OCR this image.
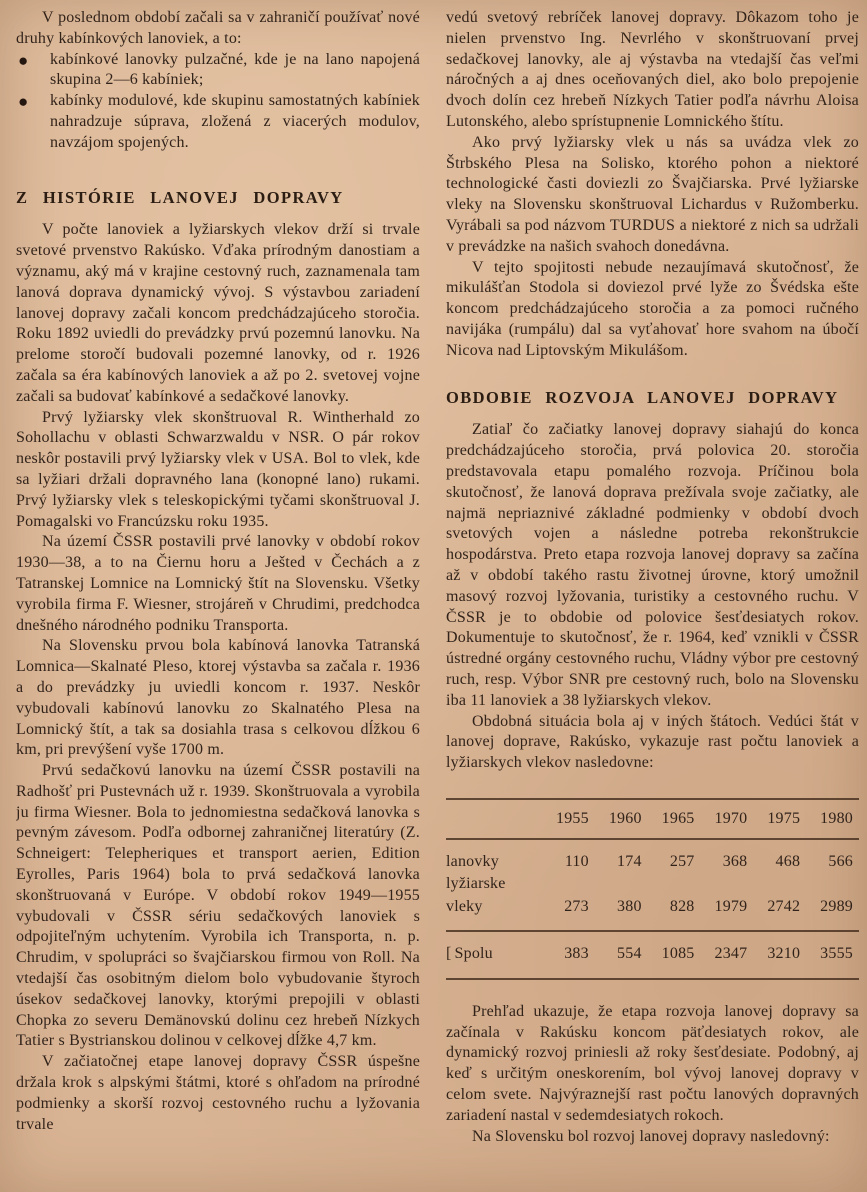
V poslednom období začali sa v zahraničí používať nové druhy kabínkových lanoviek, a to:

● kabínkové lanovky pulzačné, kde je na lano napojená skupina 2—6 kabíniek;
● kabínky modulové, kde skupinu samostatných kabíniek nahradzuje súprava, zložená z viacerých modulov, navzájom spojených.
Z HISTÓRIE LANOVEJ DOPRAVY

V počte lanoviek a lyžiarskych vlekov drží si trvale svetové prvenstvo Rakúsko. Vďaka prírodným danostiam a významu, aký má v krajine cestovný ruch, zaznamenala tam lanová doprava dynamický vývoj. S výstavbou zariadení lanovej dopravy začali koncom predchádzajúceho storočia. Roku 1892 uviedli do prevádzky prvú pozemnú lanovku. Na prelome storočí budovali pozemné lanovky, od r. 1926 začala sa éra kabínových lanoviek a až po 2. svetovej vojne začali sa budovať kabínkové a sedačkové lanovky.

Prvý lyžiarsky vlek skonštruoval R. Wintherhald zo Sohollachu v oblasti Schwarzwaldu v NSR. O pár rokov neskôr postavili prvý lyžiarsky vlek v USA. Bol to vlek, kde sa lyžiari držali dopravného lana (konopné lano) rukami. Prvý lyžiarsky vlek s teleskopickými tyčami skonštruoval J. Pomagalski vo Francúzsku roku 1935.

Na území ČSSR postavili prvé lanovky v období rokov 1930—38, a to na Čiernu horu a Ješted v Čechách a z Tatranskej Lomnice na Lomnický štít na Slovensku. Všetky vyrobila firma F. Wiesner, strojáreň v Chrudimi, predchodca dnešného národného podniku Transporta.

Na Slovensku prvou bola kabínová lanovka Tatranská Lomnica—Skalnaté Pleso, ktorej výstavba sa začala r. 1936 a do prevádzky ju uviedli koncom r. 1937. Neskôr vybudovali kabínovú lanovku zo Skalnatého Plesa na Lomnický štít, a tak sa dosiahla trasa s celkovou dĺžkou 6 km, pri prevýšení vyše 1700 m.

Prvú sedačkovú lanovku na území ČSSR postavili na Radhošť pri Pustevnách už r. 1939. Skonštruovala a vyrobila ju firma Wiesner. Bola to jednomiestna sedačková lanovka s pevným závesom. Podľa odbornej zahraničnej literatúry (Z. Schneigert: Telepheriques et transport aerien, Edition Eyrolles, Paris 1964) bola to prvá sedačková lanovka skonštruovaná v Európe. V období rokov 1949—1955 vybudovali v ČSSR sériu sedačkových lanoviek s odpojiteľným uchytením. Vyrobila ich Transporta, n. p. Chrudim, v spolupráci so švajčiarskou firmou von Roll. Na vtedajší čas osobitným dielom bolo vybudovanie štyroch úsekov sedačkovej lanovky, ktorými prepojili v oblasti Chopka zo severu Demänovskú dolinu cez hrebeň Nízkych Tatier s Bystrianskou dolinou v celkovej dĺžke 4,7 km.

V začiatočnej etape lanovej dopravy ČSSR úspešne držala krok s alpskými štátmi, ktoré s ohľadom na prírodné podmienky a skorší rozvoj cestovného ruchu a lyžovania trvale

vedú svetový rebríček lanovej dopravy. Dôkazom toho je nielen prvenstvo Ing. Nevrlého v skonštruovaní prvej sedačkovej lanovky, ale aj výstavba na vtedajší čas veľmi náročných a aj dnes oceňovaných diel, ako bolo prepojenie dvoch dolín cez hrebeň Nízkych Tatier podľa návrhu Aloisa Lutonského, alebo sprístupnenie Lomnického štítu.

Ako prvý lyžiarsky vlek u nás sa uvádza vlek zo Štrbského Plesa na Solisko, ktorého pohon a niektoré technologické časti doviezli zo Švajčiarska. Prvé lyžiarske vleky na Slovensku skonštruoval Lichardus v Ružomberku. Vyrábali sa pod názvom TURDUS a niektoré z nich sa udržali v prevádzke na našich svahoch donedávna.

V tejto spojitosti nebude nezaujímavá skutočnosť, že mikulášťan Stodola si doviezol prvé lyže zo Švédska ešte koncom predchádzajúceho storočia a za pomoci ručného navijáka (rumpálu) dal sa vyťahovať hore svahom na úbočí Nicova nad Liptovským Mikulášom.

OBDOBIE ROZVOJA LANOVEJ DOPRAVY

Zatiaľ čo začiatky lanovej dopravy siahajú do konca predchádzajúceho storočia, prvá polovica 20. storočia predstavovala etapu pomalého rozvoja. Príčinou bola skutočnosť, že lanová doprava prežívala svoje začiatky, ale najmä nepriaznivé základné podmienky v období dvoch svetových vojen a následne potreba rekonštrukcie hospodárstva. Preto etapa rozvoja lanovej dopravy sa začína až v období takého rastu životnej úrovne, ktorý umožnil masový rozvoj lyžovania, turistiky a cestovného ruchu. V ČSSR je to obdobie od polovice šesťdesiatych rokov. Dokumentuje to skutočnosť, že r. 1964, keď vznikli v ČSSR ústredné orgány cestovného ruchu, Vládny výbor pre cestovný ruch, resp. Výbor SNR pre cestovný ruch, bolo na Slovensku iba 11 lanoviek a 38 lyžiarskych vlekov.

Obdobná situácia bola aj v iných štátoch. Vedúci štát v lanovej doprave, Rakúsko, vykazuje rast počtu lanoviek a lyžiarskych vlekov nasledovne:

1955	1960	1965	1970	1975	1980
lanovky	110	174	257	368	468	566
lyžiarske
vleky	273	380	828	1979	2742	2989
[ Spolu	383	554	1085	2347	3210	3555

Prehľad ukazuje, že etapa rozvoja lanovej dopravy sa začínala v Rakúsku koncom päťdesiatych rokov, ale dynamický rozvoj priniesli až roky šesťdesiate. Podobný, aj keď s určitým oneskorením, bol vývoj lanovej dopravy v celom svete. Najvýraznejší rast počtu lanových dopravných zariadení nastal v sedemdesiatych rokoch.

Na Slovensku bol rozvoj lanovej dopravy nasledovný:
